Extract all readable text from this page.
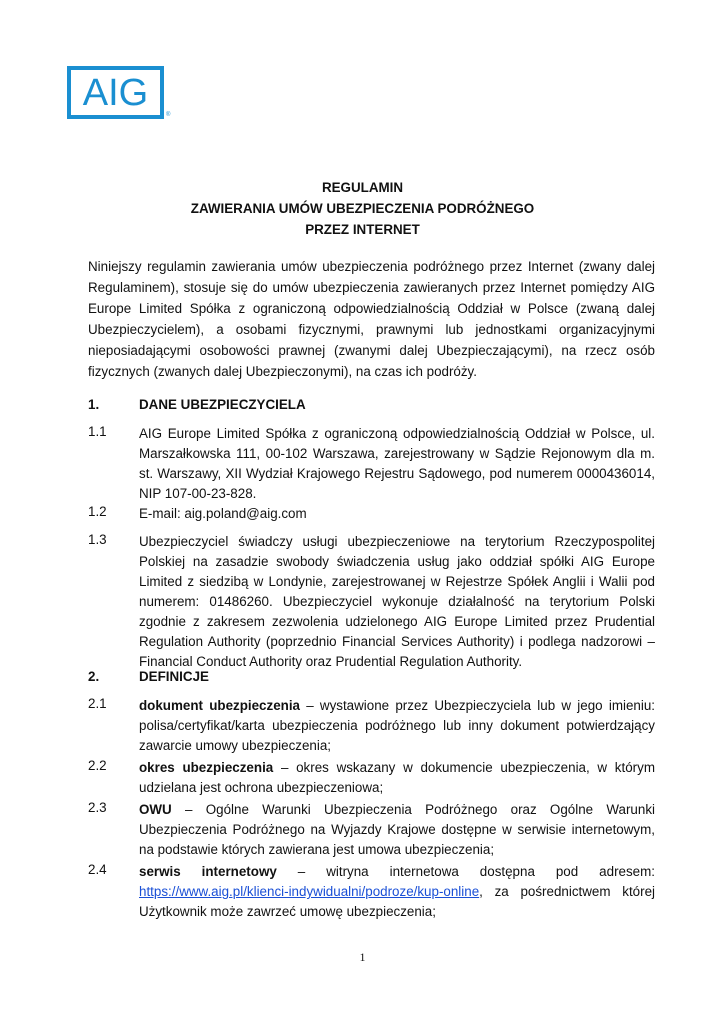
AIG
®
REGULAMIN
ZAWIERANIA UMÓW UBEZPIECZENIA PODRÓŻNEGO
PRZEZ INTERNET
Niniejszy regulamin zawierania umów ubezpieczenia podróżnego przez Internet (zwany dalej Regulaminem), stosuje się do umów ubezpieczenia zawieranych przez Internet pomiędzy AIG Europe Limited Spółka z ograniczoną odpowiedzialnością Oddział w Polsce (zwaną dalej Ubezpieczycielem), a osobami fizycznymi, prawnymi lub jednostkami organizacyjnymi nieposiadającymi osobowości prawnej (zwanymi dalej Ubezpieczającymi), na rzecz osób fizycznych (zwanych dalej Ubezpieczonymi), na czas ich podróży.
1.	DANE UBEZPIECZYCIELA
1.1 AIG Europe Limited Spółka z ograniczoną odpowiedzialnością Oddział w Polsce, ul. Marszałkowska 111, 00-102 Warszawa, zarejestrowany w Sądzie Rejonowym dla m. st. Warszawy, XII Wydział Krajowego Rejestru Sądowego, pod numerem 0000436014, NIP 107-00-23-828.
1.2 E-mail: aig.poland@aig.com
1.3 Ubezpieczyciel świadczy usługi ubezpieczeniowe na terytorium Rzeczypospolitej Polskiej na zasadzie swobody świadczenia usług jako oddział spółki AIG Europe Limited z siedzibą w Londynie, zarejestrowanej w Rejestrze Spółek Anglii i Walii pod numerem: 01486260. Ubezpieczyciel wykonuje działalność na terytorium Polski zgodnie z zakresem zezwolenia udzielonego AIG Europe Limited przez Prudential Regulation Authority (poprzednio Financial Services Authority) i podlega nadzorowi – Financial Conduct Authority oraz Prudential Regulation Authority.
2.	DEFINICJE
2.1 dokument ubezpieczenia – wystawione przez Ubezpieczyciela lub w jego imieniu: polisa/certyfikat/karta ubezpieczenia podróżnego lub inny dokument potwierdzający zawarcie umowy ubezpieczenia;
2.2 okres ubezpieczenia – okres wskazany w dokumencie ubezpieczenia, w którym udzielana jest ochrona ubezpieczeniowa;
2.3 OWU – Ogólne Warunki Ubezpieczenia Podróżnego oraz Ogólne Warunki Ubezpieczenia Podróżnego na Wyjazdy Krajowe dostępne w serwisie internetowym, na podstawie których zawierana jest umowa ubezpieczenia;
2.4 serwis internetowy – witryna internetowa dostępna pod adresem: https://www.aig.pl/klienci-indywidualni/podroze/kup-online, za pośrednictwem której Użytkownik może zawrzeć umowę ubezpieczenia;
1
